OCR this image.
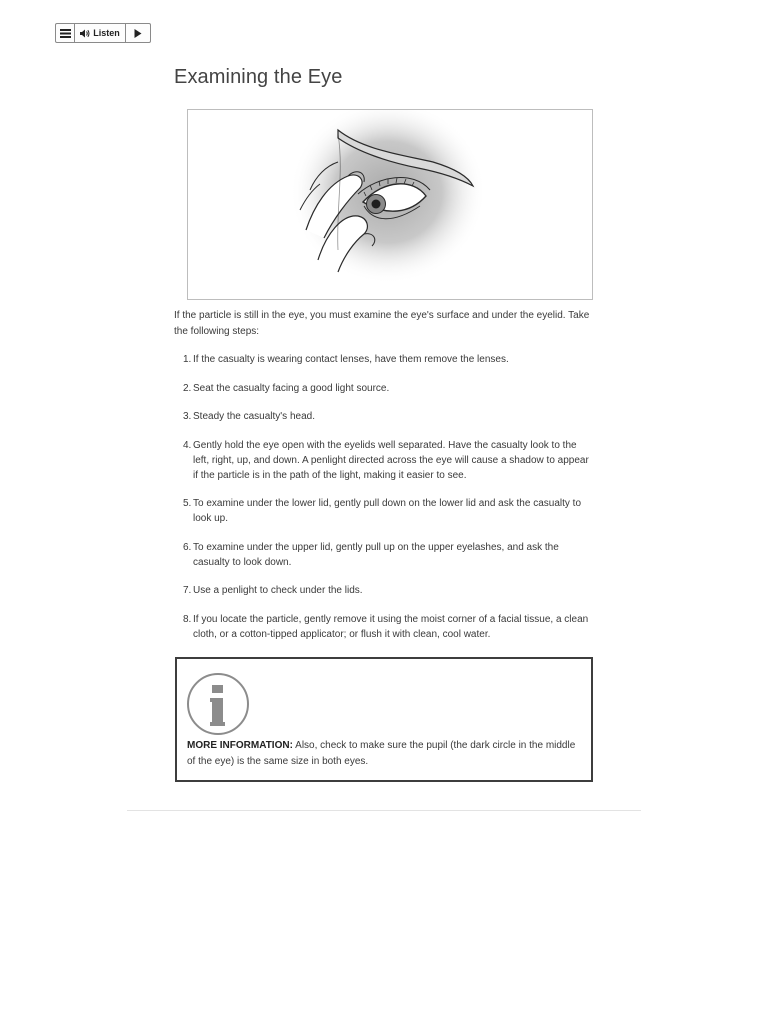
Listen
Examining the Eye

If the particle is still in the eye, you must examine the eye's surface and under the eyelid. Take the following steps:

1. If the casualty is wearing contact lenses, have them remove the lenses.
2. Seat the casualty facing a good light source.
3. Steady the casualty's head.
4. Gently hold the eye open with the eyelids well separated. Have the casualty look to the left, right, up, and down. A penlight directed across the eye will cause a shadow to appear if the particle is in the path of the light, making it easier to see.
5. To examine under the lower lid, gently pull down on the lower lid and ask the casualty to look up.
6. To examine under the upper lid, gently pull up on the upper eyelashes, and ask the casualty to look down.
7. Use a penlight to check under the lids.
8. If you locate the particle, gently remove it using the moist corner of a facial tissue, a clean cloth, or a cotton-tipped applicator; or flush it with clean, cool water.

MORE INFORMATION: Also, check to make sure the pupil (the dark circle in the middle of the eye) is the same size in both eyes.
